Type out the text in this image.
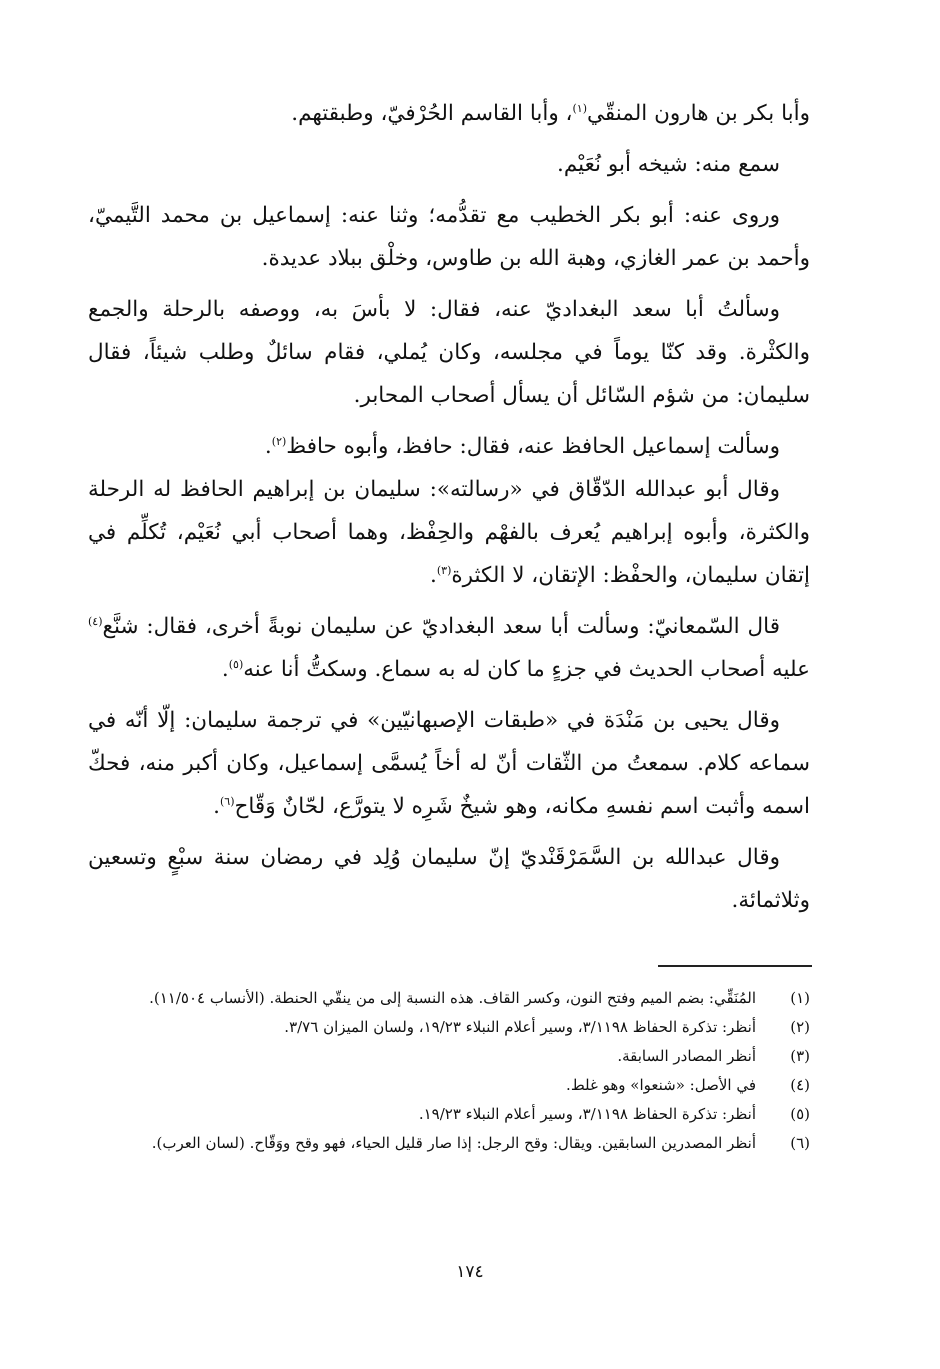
وأبا بكر بن هارون المنقّي$^{(١)}$، وأبا القاسم الحُرْفيّ، وطبقتهم.

سمع منه: شيخه أبو نُعَيْم.

وروى عنه: أبو بكر الخطيب مع تقدُّمه؛ وثنا عنه: إسماعيل بن محمد التَّيميّ، وأحمد بن عمر الغازي، وهبة الله بن طاوس، وخلْق ببلاد عديدة.

وسألتُ أبا سعد البغداديّ عنه، فقال: لا بأسَ به، ووصفه بالرحلة والجمع والكثْرة. وقد كنّا يوماً في مجلسه، وكان يُملي، فقام سائلٌ وطلب شيئاً، فقال سليمان: من شؤم السّائل أن يسأل أصحاب المحابر.

وسألت إسماعيل الحافظ عنه، فقال: حافظ، وأبوه حافظ$^{(٢)}$.

وقال أبو عبدالله الدّقّاق في «رسالته»: سليمان بن إبراهيم الحافظ له الرحلة والكثرة، وأبوه إبراهيم يُعرف بالفهْم والحِفْظ، وهما أصحاب أبي نُعَيْم، تُكلِّم في إتقان سليمان، والحفْظ: الإتقان، لا الكثرة$^{(٣)}$.

قال السّمعانيّ: وسألت أبا سعد البغداديّ عن سليمان نوبةً أخرى، فقال: شنَّع$^{(٤)}$ عليه أصحاب الحديث في جزءٍ ما كان له به سماع. وسكتُّ أنا عنه$^{(٥)}$.

وقال يحيى بن مَنْدَة في «طبقات الإصبهانيّين» في ترجمة سليمان: إلّا أنّه في سماعه كلام. سمعتُ من الثّقات أنّ له أخاً يُسمَّى إسماعيل، وكان أكبر منه، فحكّ اسمه وأثبت اسم نفسهِ مكانه، وهو شيخٌ شَرِه لا يتورَّع، لحّانٌ وَقّاح$^{(٦)}$.

وقال عبدالله بن السَّمَرْقَنْديّ إنّ سليمان وُلِد في رمضان سنة سبْعٍ وتسعين وثلاثمائة.

(١)
المُنَقِّي: بضم الميم وفتح النون، وكسر القاف. هذه النسبة إلى من ينقّي الحنطة. (الأنساب ١١/٥٠٤).
(٢)
أنظر: تذكرة الحفاظ ٣/١١٩٨، وسير أعلام النبلاء ١٩/٢٣، ولسان الميزان ٣/٧٦.
(٣)
أنظر المصادر السابقة.
(٤)
في الأصل: «شنعوا» وهو غلط.
(٥)
أنظر: تذكرة الحفاظ ٣/١١٩٨، وسير أعلام النبلاء ١٩/٢٣.
(٦)
أنظر المصدرين السابقين. ويقال: وقح الرجل: إذا صار قليل الحياء، فهو وقح ووَقّاح. (لسان العرب).
١٧٤
